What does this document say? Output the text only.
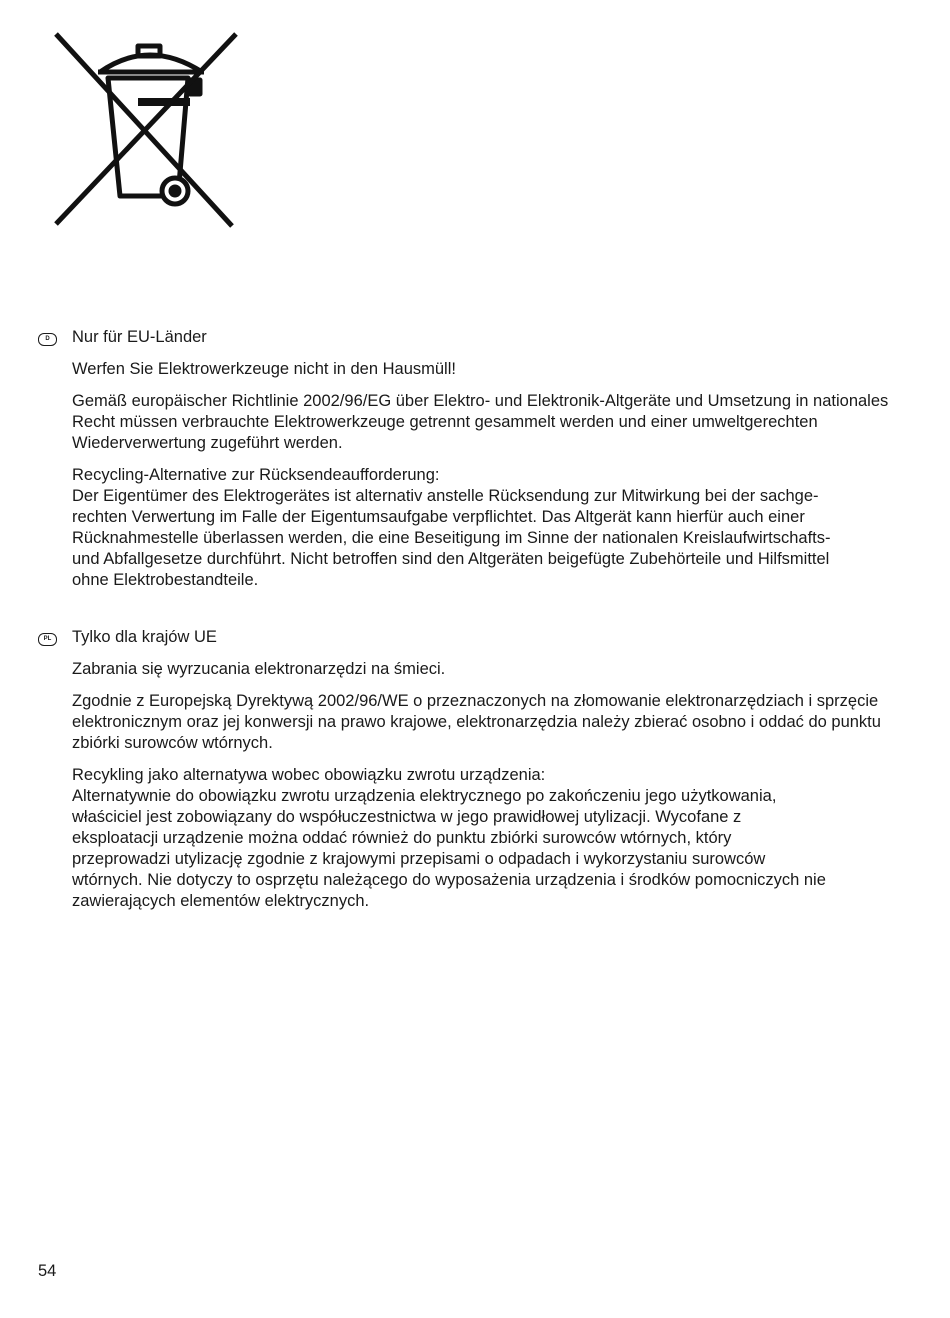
D	Nur für EU-Länder

Werfen Sie Elektrowerkzeuge nicht in den Hausmüll!

Gemäß europäischer Richtlinie 2002/96/EG über Elektro- und Elektronik-Altgeräte und Umsetzung in nationales Recht müssen verbrauchte Elektrowerkzeuge getrennt gesammelt werden und einer umweltgerechten Wiederverwertung zugeführt werden.

Recycling-Alternative zur Rücksendeaufforderung:
Der Eigentümer des Elektrogerätes ist alternativ anstelle Rücksendung zur Mitwirkung bei der sachge-
rechten Verwertung im Falle der Eigentumsaufgabe verpflichtet. Das Altgerät kann hierfür auch einer
Rücknahmestelle überlassen werden, die eine Beseitigung im Sinne der nationalen Kreislaufwirtschafts-
und Abfallgesetze durchführt. Nicht betroffen sind den Altgeräten beigefügte Zubehörteile und Hilfsmittel
ohne Elektrobestandteile.

PL	Tylko dla krajów UE

Zabrania się wyrzucania elektronarzędzi na śmieci.

Zgodnie z Europejską Dyrektywą 2002/96/WE o przeznaczonych na złomowanie elektronarzędziach i sprzęcie elektronicznym oraz jej konwersji na prawo krajowe, elektronarzędzia należy zbierać osobno i oddać do punktu zbiórki surowców wtórnych.

Recykling jako alternatywa wobec obowiązku zwrotu urządzenia:
Alternatywnie do obowiązku zwrotu urządzenia elektrycznego po zakończeniu jego użytkowania,
właściciel jest zobowiązany do współuczestnictwa w jego prawidłowej utylizacji. Wycofane z
eksploatacji urządzenie można oddać również do punktu zbiórki surowców wtórnych, który
przeprowadzi utylizację zgodnie z krajowymi przepisami o odpadach i wykorzystaniu surowców
wtórnych. Nie dotyczy to osprzętu należącego do wyposażenia urządzenia i środków pomocniczych nie
zawierających elementów elektrycznych.

54
